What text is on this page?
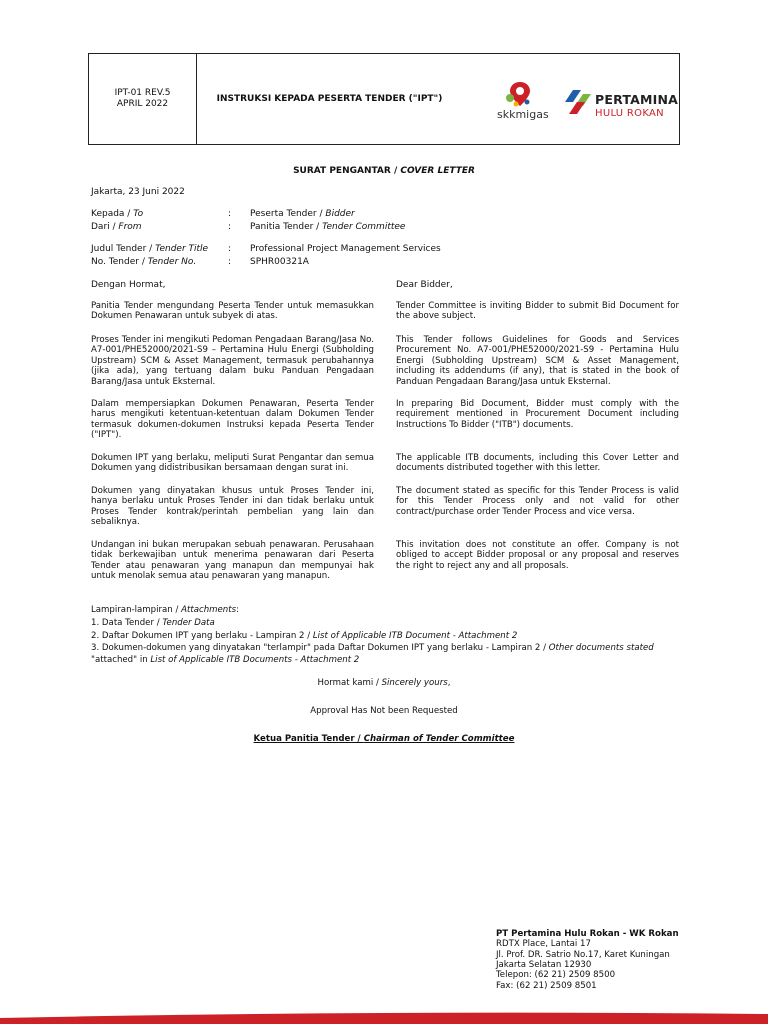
IPT-01 REV.5
APRIL 2022
INSTRUKSI KEPADA PESERTA TENDER ("IPT")
skkmigas
PERTAMINA
HULU ROKAN
SURAT PENGANTAR / COVER LETTER
Jakarta, 23 Juni 2022
Kepada / To	: Peserta Tender / Bidder
Dari / From	: Panitia Tender / Tender Committee
Judul Tender / Tender Title : Professional Project Management Services
No. Tender / Tender No.	: SPHR00321A
Dengan Hormat,	Dear Bidder,

Panitia Tender mengundang Peserta Tender untuk memasukkan Dokumen Penawaran untuk subyek di atas.

Proses Tender ini mengikuti Pedoman Pengadaan Barang/Jasa No. A7-001/PHE52000/2021-S9 – Pertamina Hulu Energi (Subholding Upstream) SCM & Asset Management, termasuk perubahannya (jika ada), yang tertuang dalam buku Panduan Pengadaan Barang/Jasa untuk Eksternal.

Dalam mempersiapkan Dokumen Penawaran, Peserta Tender harus mengikuti ketentuan-ketentuan dalam Dokumen Tender termasuk dokumen-dokumen Instruksi kepada Peserta Tender ("IPT").

Dokumen IPT yang berlaku, meliputi Surat Pengantar dan semua Dokumen yang didistribusikan bersamaan dengan surat ini.

Dokumen yang dinyatakan khusus untuk Proses Tender ini, hanya berlaku untuk Proses Tender ini dan tidak berlaku untuk Proses Tender kontrak/perintah pembelian yang lain dan sebaliknya.

Undangan ini bukan merupakan sebuah penawaran. Perusahaan tidak berkewajiban untuk menerima penawaran dari Peserta Tender atau penawaran yang manapun dan mempunyai hak untuk menolak semua atau penawaran yang manapun.

Tender Committee is inviting Bidder to submit Bid Document for the above subject.

This Tender follows Guidelines for Goods and Services Procurement No. A7-001/PHE52000/2021-S9 - Pertamina Hulu Energi (Subholding Upstream) SCM & Asset Management, including its addendums (if any), that is stated in the book of Panduan Pengadaan Barang/Jasa untuk Eksternal.

In preparing Bid Document, Bidder must comply with the requirement mentioned in Procurement Document including Instructions To Bidder ("ITB") documents.

The applicable ITB documents, including this Cover Letter and documents distributed together with this letter.

The document stated as specific for this Tender Process is valid for this Tender Process only and not valid for other contract/purchase order Tender Process and vice versa.

This invitation does not constitute an offer. Company is not obliged to accept Bidder proposal or any proposal and reserves the right to reject any and all proposals.

Lampiran-lampiran / Attachments:
1. Data Tender / Tender Data
2. Daftar Dokumen IPT yang berlaku - Lampiran 2 / List of Applicable ITB Document - Attachment 2
3. Dokumen-dokumen yang dinyatakan "terlampir" pada Daftar Dokumen IPT yang berlaku - Lampiran 2 / Other documents stated
"attached" in List of Applicable ITB Documents - Attachment 2
Hormat kami / Sincerely yours,
Approval Has Not been Requested
Ketua Panitia Tender / Chairman of Tender Committee
PT Pertamina Hulu Rokan - WK Rokan
RDTX Place, Lantai 17
Jl. Prof. DR. Satrio No.17, Karet Kuningan
Jakarta Selatan 12930
Telepon: (62 21) 2509 8500
Fax: (62 21) 2509 8501
